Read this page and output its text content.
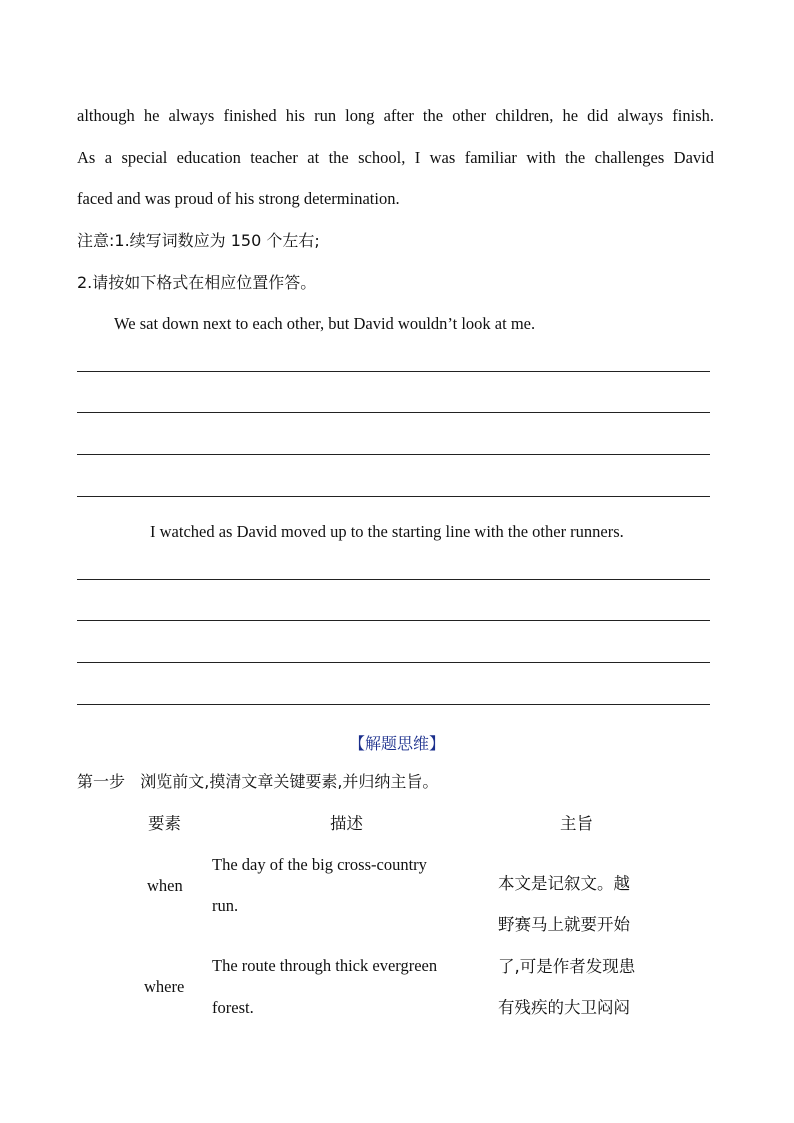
although he always finished his run long after the other children, he did always finish.
As a special education teacher at the school, I was familiar with the challenges David
faced and was proud of his strong determination.
注意:1.续写词数应为 150 个左右;
2.请按如下格式在相应位置作答。
We sat down next to each other, but David wouldn’t look at me.
I watched as David moved up to the starting line with the other runners.
【解题思维】
第一步   浏览前文,摸清文章关键要素,并归纳主旨。
要素	描述	主旨
when
The day of the big cross-country
run.
where
The route through thick evergreen
forest.
本文是记叙文。越
野赛马上就要开始
了,可是作者发现患
有残疾的大卫闷闷
